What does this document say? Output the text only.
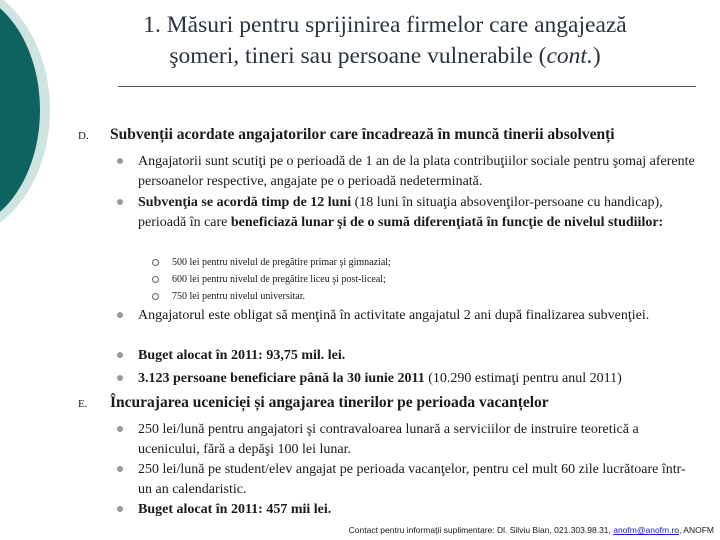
1. Măsuri pentru sprijinirea firmelor care angajează
şomeri, tineri sau persoane vulnerabile (cont.)
D. Subvenții acordate angajatorilor care încadrează în muncă tinerii absolvenți
Angajatorii sunt scutiţi pe o perioadă de 1 an de la plata contribuţiilor sociale pentru şomaj aferente persoanelor respective, angajate pe o perioadă nedeterminată.
Subvenţia se acordă timp de 12 luni (18 luni în situaţia absovenţilor-persoane cu handicap), perioadă în care beneficiază lunar şi de o sumă diferenţiată în funcţie de nivelul studiilor:
500 lei pentru nivelul de pregătire primar şi gimnazial;
600 lei pentru nivelul de pregătire liceu şi post-liceal;
750 lei pentru nivelul universitar.
Angajatorul este obligat să menţină în activitate angajatul 2 ani după finalizarea subvenţiei.
Buget alocat în 2011: 93,75 mil. lei.
3.123 persoane beneficiare până la 30 iunie 2011 (10.290 estimaţi pentru anul 2011)
E. Încurajarea ucenicie̦i și angajarea tinerilor pe perioada vacanțelor
250 lei/lună pentru angajatori şi contravaloarea lunară a serviciilor de instruire teoretică a ucenicului, fără a depăşi 100 lei lunar.
250 lei/lună pe student/elev angajat pe perioada vacanţelor, pentru cel mult 60 zile lucrătoare într-un an calendaristic.
Buget alocat în 2011: 457 mii lei.
Contact pentru informaţii suplimentare: Dl. Silviu Bian, 021.303.98.31, anofm@anofm.ro, ANOFM
